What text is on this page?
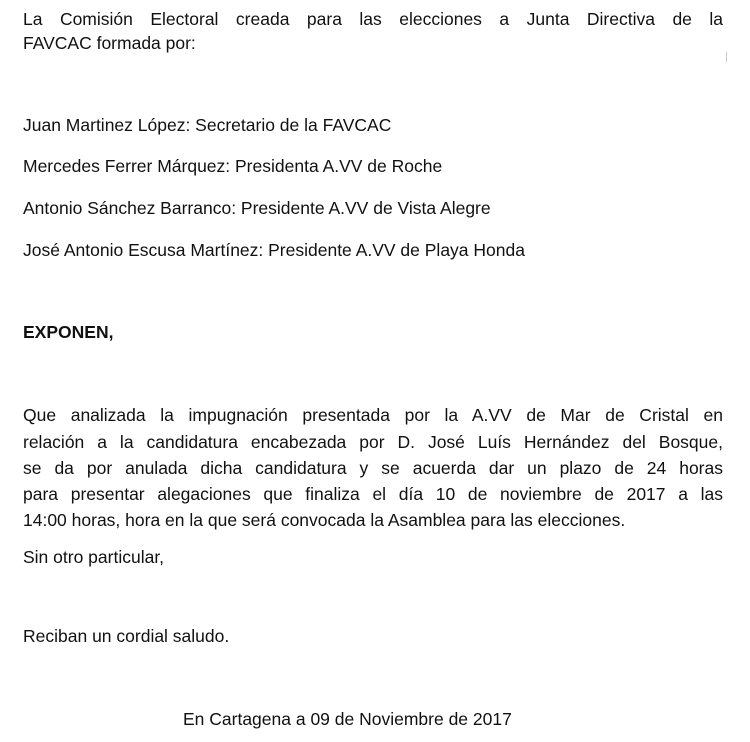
La Comisión Electoral creada para las elecciones a Junta Directiva de la
FAVCAC formada por:
Juan Martinez López: Secretario de la FAVCAC
Mercedes Ferrer Márquez: Presidenta A.VV de Roche
Antonio Sánchez Barranco: Presidente A.VV de Vista Alegre
José Antonio Escusa Martínez: Presidente A.VV de Playa Honda
EXPONEN,
Que analizada la impugnación presentada por la A.VV de Mar de Cristal en
relación a la candidatura encabezada por D. José Luís Hernández del Bosque,
se da por anulada dicha candidatura y se acuerda dar un plazo de 24 horas
para presentar alegaciones que finaliza el día 10 de noviembre de 2017 a las
14:00 horas, hora en la que será convocada la Asamblea para las elecciones.
Sin otro particular,
Reciban un cordial saludo.
En Cartagena a 09 de Noviembre de 2017
